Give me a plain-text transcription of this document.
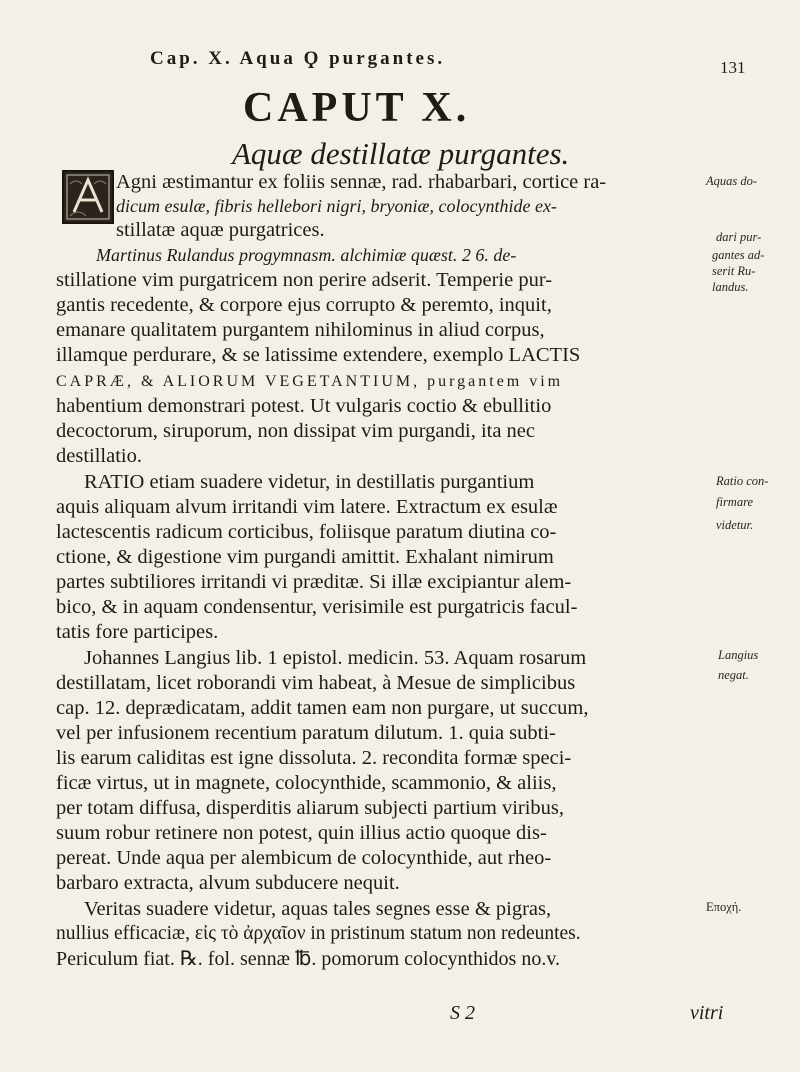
Cap. X. Aqua Ϙ purgantes.	131
CAPUT X.
Aquæ destillatæ purgantes.
Agni æstimantur ex foliis sennæ, rad. rhabarbari, cortice ra-
dicum esulæ, fibris hellebori nigri, bryoniæ, colocynthide ex-
stillatæ aquæ purgatrices.
Martinus Rulandus progymnasm. alchimiæ quæst. 2 6. de-
stillatione vim purgatricem non perire adserit. Temperie pur-
gantis recedente, & corpore ejus corrupto & peremto, inquit,
emanare qualitatem purgantem nihilominus in aliud corpus,
illamque perdurare, & se latissime extendere, exemplo LACTIS
CAPRÆ, & ALIORUM VEGETANTIUM, purgantem vim
habentium demonstrari potest. Ut vulgaris coctio & ebullitio
decoctorum, siruporum, non dissipat vim purgandi, ita nec
destillatio.
RATIO etiam suadere videtur, in destillatis purgantium
aquis aliquam alvum irritandi vim latere. Extractum ex esulæ
lactescentis radicum corticibus, foliisque paratum diutina co-
ctione, & digestione vim purgandi amittit. Exhalant nimirum
partes subtiliores irritandi vi præditæ. Si illæ excipiantur alem-
bico, & in aquam condensentur, verisimile est purgatricis facul-
tatis fore participes.
Johannes Langius lib. 1 epistol. medicin. 53. Aquam rosarum
destillatam, licet roborandi vim habeat, à Mesue de simplicibus
cap. 12. deprædicatam, addit tamen eam non purgare, ut succum,
vel per infusionem recentium paratum dilutum. 1. quia subti-
lis earum caliditas est igne dissoluta. 2. recondita formæ speci-
ficæ virtus, ut in magnete, colocynthide, scammonio, & aliis,
per totam diffusa, disperditis aliarum subjecti partium viribus,
suum robur retinere non potest, quin illius actio quoque dis-
pereat. Unde aqua per alembicum de colocynthide, aut rheo-
barbaro extracta, alvum subducere nequit.
Veritas suadere videtur, aquas tales segnes esse & pigras,
nullius efficaciæ, εἰς τὸ ἀρχαῖον in pristinum statum non redeuntes.
Periculum fiat. ℞. fol. sennæ ℔. pomorum colocynthidos no.v.
Aquas do-
dari pur-
gantes ad-
serit Ru-
landus.
Ratio con-
firmare
videtur.
Langius
negat.
Εποχή.
S 2	vitri
